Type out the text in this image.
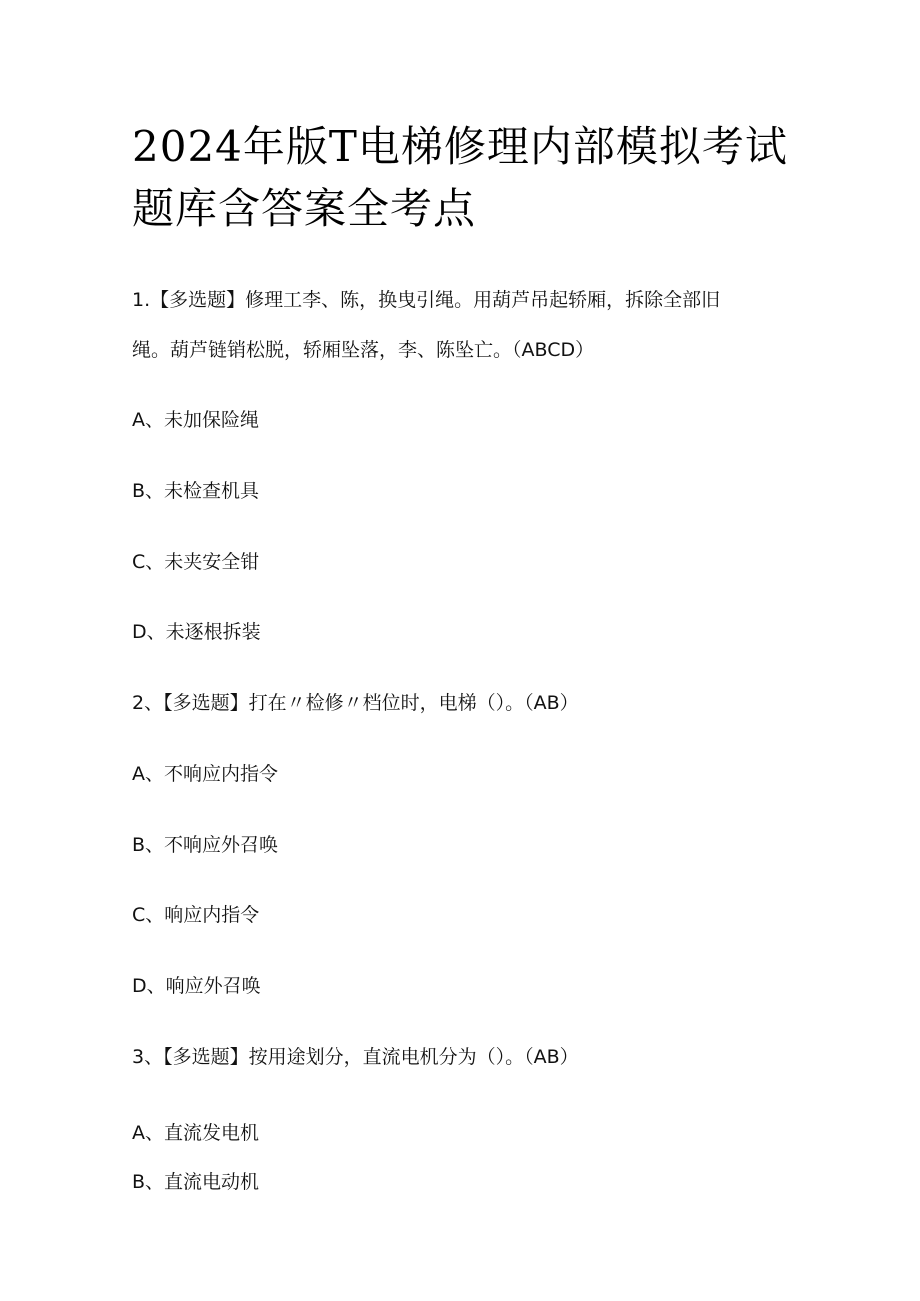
2024年版T电梯修理内部模拟考试
题库含答案全考点
1.【多选题】修理工李、陈，换曳引绳。用葫芦吊起轿厢，拆除全部旧
绳。葫芦链销松脱，轿厢坠落，李、陈坠亡。（ABCD）
A、未加保险绳
B、未检查机具
C、未夹安全钳
D、未逐根拆装
2、【多选题】打在〃检修〃档位时，电梯（）。（AB）
A、不响应内指令
B、不响应外召唤
C、响应内指令
D、响应外召唤
3、【多选题】按用途划分，直流电机分为（）。（AB）
A、直流发电机
B、直流电动机
